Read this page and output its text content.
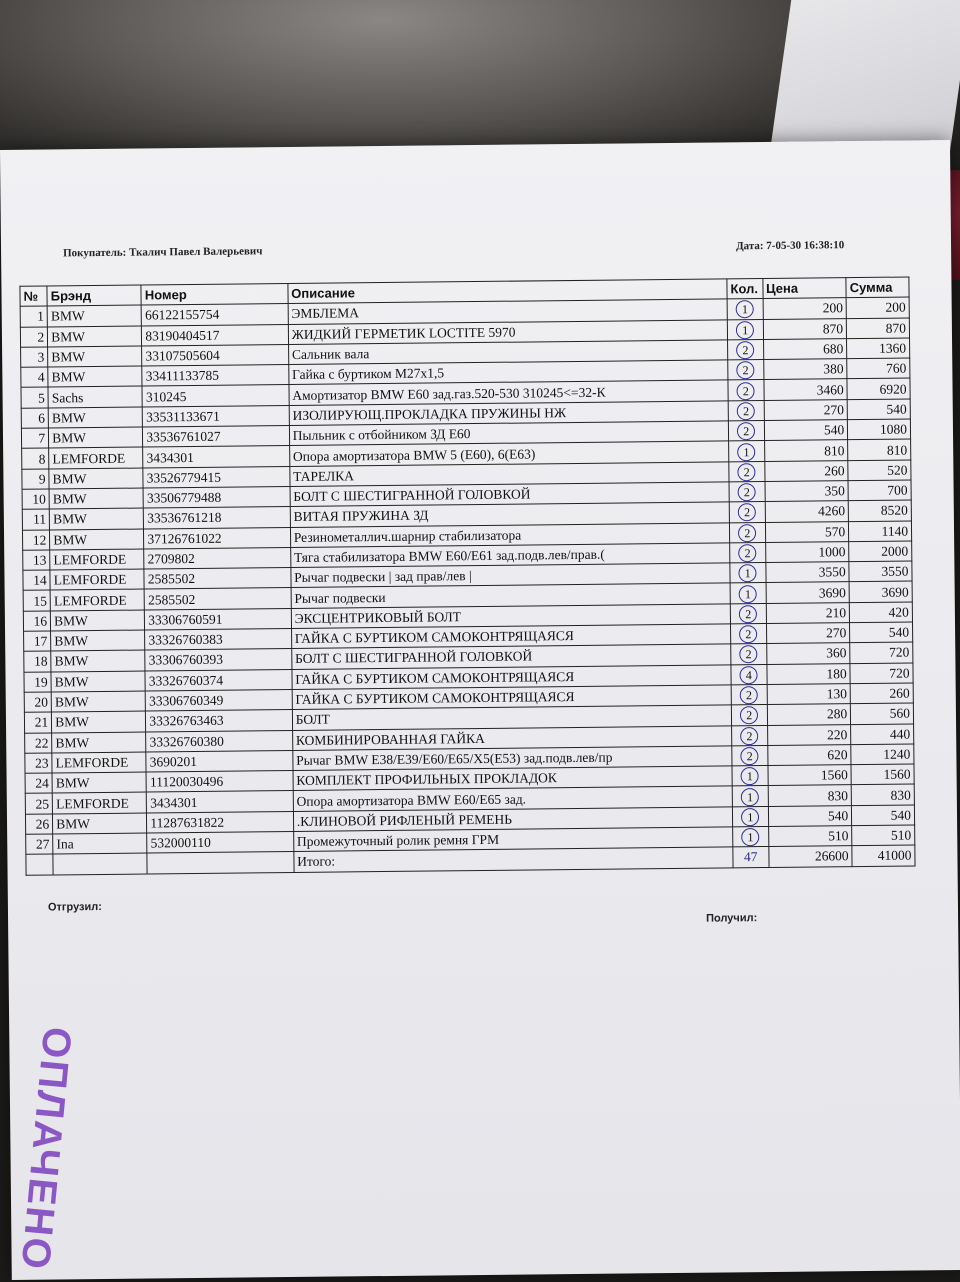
Покупатель: Ткалич Павел Валерьевич	Дата: 7-05-30 16:38:10
№	Брэнд	Номер	Описание	Кол.	Цена	Сумма
1	BMW	66122155754	ЭМБЛЕМА	1	200	200
2	BMW	83190404517	ЖИДКИЙ ГЕРМЕТИК LOCTITE 5970	1	870	870
3	BMW	33107505604	Сальник вала	2	680	1360
4	BMW	33411133785	Гайка с буртиком M27x1,5	2	380	760
5	Sachs	310245	Амортизатор BMW E60 зад.газ.520-530 310245<=32-К	2	3460	6920
6	BMW	33531133671	ИЗОЛИРУЮЩ.ПРОКЛАДКА ПРУЖИНЫ НЖ	2	270	540
7	BMW	33536761027	Пыльник с отбойником ЗД E60	2	540	1080
8	LEMFORDE	3434301	Опора амортизатора BMW 5 (E60), 6(E63)	1	810	810
9	BMW	33526779415	ТАРЕЛКА	2	260	520
10	BMW	33506779488	БОЛТ С ШЕСТИГРАННОЙ ГОЛОВКОЙ	2	350	700
11	BMW	33536761218	ВИТАЯ ПРУЖИНА ЗД	2	4260	8520
12	BMW	37126761022	Резинометаллич.шарнир стабилизатора	2	570	1140
13	LEMFORDE	2709802	Тяга стабилизатора BMW E60/E61 зад.подв.лев/прав.(	2	1000	2000
14	LEMFORDE	2585502	Рычаг подвески | зад прав/лев |	1	3550	3550
15	LEMFORDE	2585502	Рычаг подвески	1	3690	3690
16	BMW	33306760591	ЭКСЦЕНТРИКОВЫЙ БОЛТ	2	210	420
17	BMW	33326760383	ГАЙКА С БУРТИКОМ САМОКОНТРЯЩАЯСЯ	2	270	540
18	BMW	33306760393	БОЛТ С ШЕСТИГРАННОЙ ГОЛОВКОЙ	2	360	720
19	BMW	33326760374	ГАЙКА С БУРТИКОМ САМОКОНТРЯЩАЯСЯ	4	180	720
20	BMW	33306760349	ГАЙКА С БУРТИКОМ САМОКОНТРЯЩАЯСЯ	2	130	260
21	BMW	33326763463	БОЛТ	2	280	560
22	BMW	33326760380	КОМБИНИРОВАННАЯ ГАЙКА	2	220	440
23	LEMFORDE	3690201	Рычаг BMW E38/E39/E60/E65/X5(E53) зад.подв.лев/пр	2	620	1240
24	BMW	11120030496	КОМПЛЕКТ ПРОФИЛЬНЫХ ПРОКЛАДОК	1	1560	1560
25	LEMFORDE	3434301	Опора амортизатора BMW E60/E65 зад.	1	830	830
26	BMW	11287631822	.КЛИНОВОЙ РИФЛЕНЫЙ РЕМЕНЬ	1	540	540
27	Ina	532000110	Промежуточный ролик ремня ГРМ	1	510	510
			Итого:	47	26600	41000
Отгрузил:
Получил:
ОПЛАЧЕНО
